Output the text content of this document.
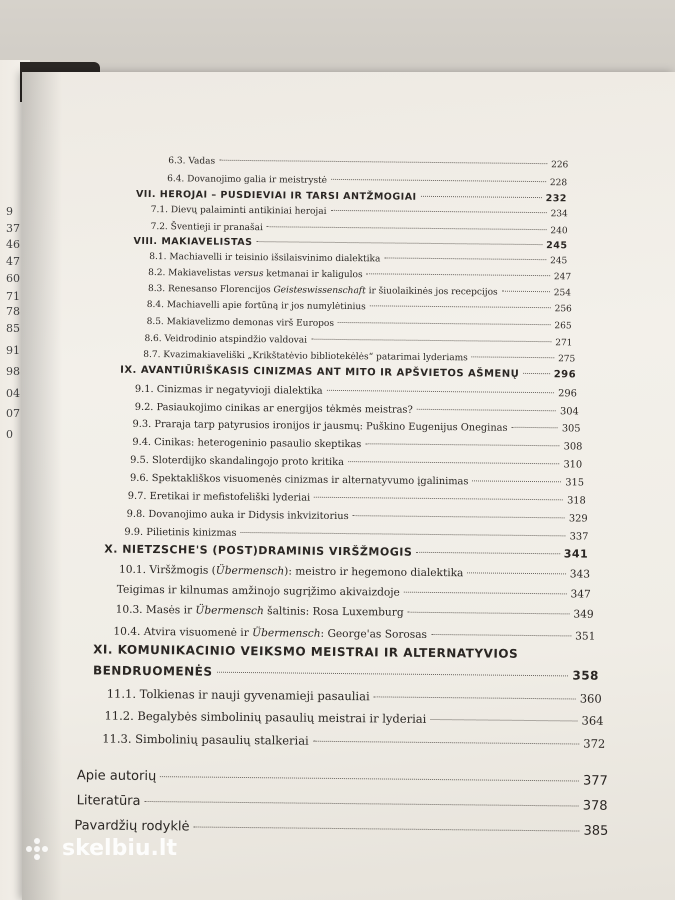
9
37
46
47
60
71
78
85
91
98
04
07
0
6.3. Vadas	226
6.4. Dovanojimo galia ir meistrystė	228
VII. HEROJAI – PUSDIEVIAI IR TARSI ANTŽMOGIAI	232
7.1. Dievų palaiminti antikiniai herojai	234
7.2. Šventieji ir pranašai	240
VIII. MAKIAVELISTAS	245
8.1. Machiavelli ir teisinio išsilaisvinimo dialektika	245
8.2. Makiavelistas versus ketmanai ir kaligulos	247
8.3. Renesanso Florencijos Geisteswissenschaft ir šiuolaikinės jos recepcijos	254
8.4. Machiavelli apie fortūną ir jos numylėtinius	256
8.5. Makiavelizmo demonas virš Europos	265
8.6. Veidrodinio atspindžio valdovai	271
8.7. Kvazimakiaveliški „Krikštatėvio bibliotekėlės“ patarimai lyderiams	275
IX. AVANTIŪRIŠKASIS CINIZMAS ANT MITO IR APŠVIETOS AŠMENŲ	296
9.1. Cinizmas ir negatyvioji dialektika	296
9.2. Pasiaukojimo cinikas ar energijos tėkmės meistras?	304
9.3. Praraja tarp patyrusios ironijos ir jausmų: Puškino Eugenijus Oneginas	305
9.4. Cinikas: heterogeninio pasaulio skeptikas	308
9.5. Sloterdijko skandalingojo proto kritika	310
9.6. Spektakliškos visuomenės cinizmas ir alternatyvumo įgalinimas	315
9.7. Eretikai ir mefistofeliški lyderiai	318
9.8. Dovanojimo auka ir Didysis inkvizitorius	329
9.9. Pilietinis kinizmas	337
X. NIETZSCHE'S (POST)DRAMINIS VIRŠŽMOGIS	341
10.1. Viršžmogis (Übermensch): meistro ir hegemono dialektika	343
Teigimas ir kilnumas amžinojo sugrįžimo akivaizdoje	347
10.3. Masės ir Übermensch šaltinis: Rosa Luxemburg	349
10.4. Atvira visuomenė ir Übermensch: George'as Sorosas	351
XI. KOMUNIKACINIO VEIKSMO MEISTRAI IR ALTERNATYVIOS
BENDRUOMENĖS	358
11.1. Tolkienas ir nauji gyvenamieji pasauliai	360
11.2. Begalybės simbolinių pasaulių meistrai ir lyderiai	364
11.3. Simbolinių pasaulių stalkeriai	372
Apie autorių	377
Literatūra	378
Pavardžių rodyklė	385
skelbiu.lt
